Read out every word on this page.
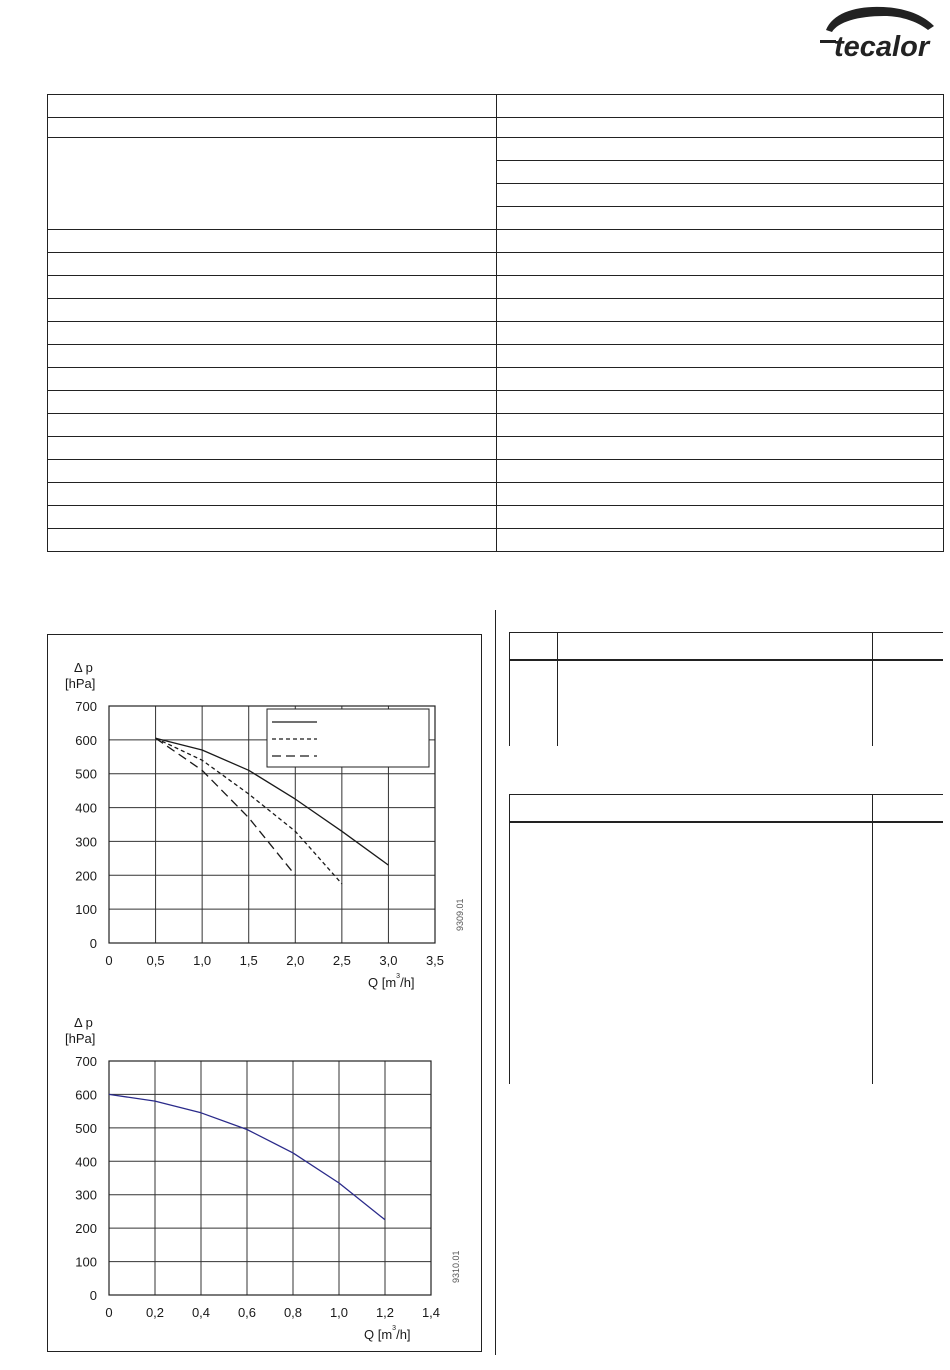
tecalor

0
100
200
300
400
500
600
700
0	0,5 1,0 1,5 2,0 2,5 3,0 3,5
Δ p
[hPa]
Q $[m^3/h]$
9309.01
0
100
200
300
400
500
600
700
0	0,2 0,4 0,6 0,8 1,0 1,2 1,4
Δ p
[hPa]
Q $[m^3/h]$
9310.01
